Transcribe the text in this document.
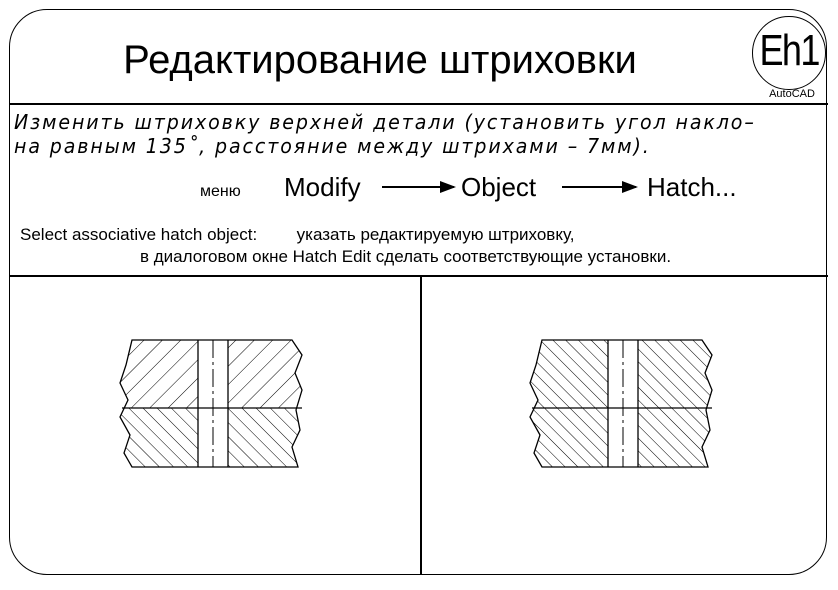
Редактирование штриховки	Eh1
AutoCAD
Изменить штриховку верхней детали (установить угол накло–
на равным 135˚, расстояние между штрихами – 7мм).
меню Modify	Object	Hatch...
Select associative hatch object: указать редактируемую штриховку,
в диалоговом окне Hatch Edit сделать соответствующие установки.
